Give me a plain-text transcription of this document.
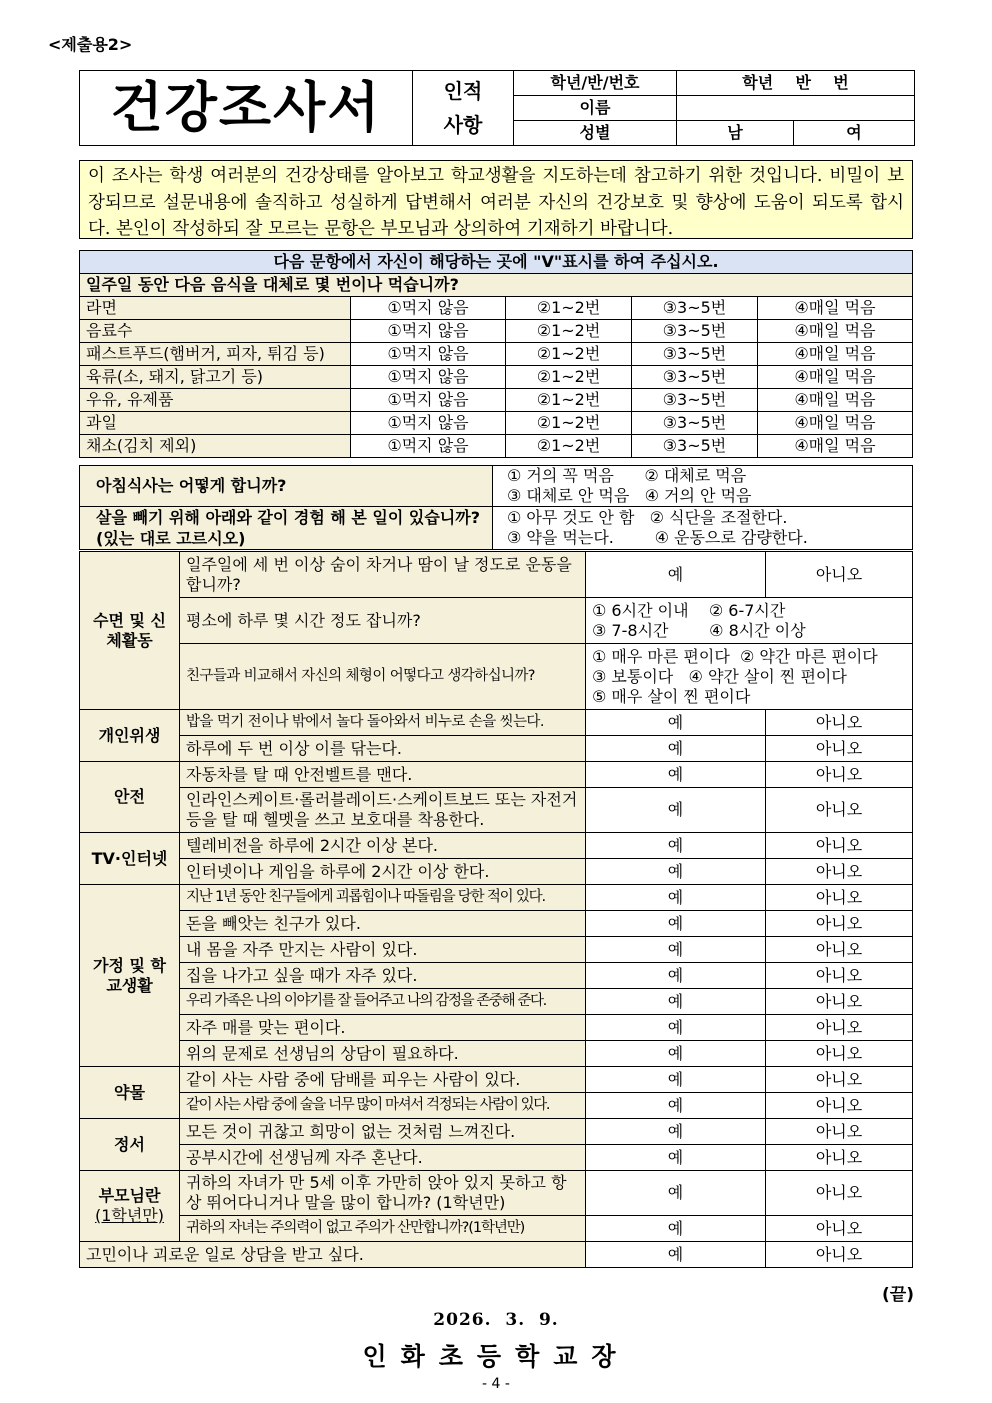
<제출용2>
건강조사서	인적
사항	학년/반/번호	학년    반    번	
		이름		
		성별	남	여
이 조사는 학생 여러분의 건강상태를 알아보고 학교생활을 지도하는데 참고하기 위한 것입니다. 비밀이 보장되므로 설문내용에 솔직하고 성실하게 답변해서 여러분 자신의 건강보호 및 향상에 도움이 되도록 합시다. 본인이 작성하되 잘 모르는 문항은 부모님과 상의하여 기재하기 바랍니다.
다음 문항에서 자신이 해당하는 곳에 "V"표시를 하여 주십시오.				
일주일 동안 다음 음식을 대체로 몇 번이나 먹습니까?				
라면	①먹지 않음	②1~2번	③3~5번	④매일 먹음
음료수	①먹지 않음	②1~2번	③3~5번	④매일 먹음
패스트푸드(햄버거, 피자, 튀김 등)	①먹지 않음	②1~2번	③3~5번	④매일 먹음
육류(소, 돼지, 닭고기 등)	①먹지 않음	②1~2번	③3~5번	④매일 먹음
우유, 유제품	①먹지 않음	②1~2번	③3~5번	④매일 먹음
과일	①먹지 않음	②1~2번	③3~5번	④매일 먹음
채소(김치 제외)	①먹지 않음	②1~2번	③3~5번	④매일 먹음
아침식사는 어떻게 합니까?	① 거의 꼭 먹음      ② 대체로 먹음
③ 대체로 안 먹음   ④ 거의 안 먹음

살을 빼기 위해 아래와 같이 경험 해 본 일이 있습니까? (있는 대로 고르시오)	① 아무 것도 안 함   ② 식단을 조절한다.
③ 약을 먹는다.        ④ 운동으로 감량한다.
수면 및 신체활동	일주일에 세 번 이상 숨이 차거나 땀이 날 정도로 운동을 합니까?	예	아니오
	평소에 하루 몇 시간 정도 잡니까?	① 6시간 이내    ② 6-7시간
③ 7-8시간        ④ 8시간 이상	

	친구들과 비교해서 자신의 체형이 어떻다고 생각하십니까?	① 매우 마른 편이다  ② 약간 마른 편이다
③ 보통이다   ④ 약간 살이 찐 편이다
⑤ 매우 살이 찐 편이다	

개인위생	밥을 먹기 전이나 밖에서 놀다 돌아와서 비누로 손을 씻는다.	예	아니오
	하루에 두 번 이상 이를 닦는다.	예	아니오
안전	자동차를 탈 때 안전벨트를 맨다.	예	아니오
	인라인스케이트·롤러블레이드·스케이트보드 또는 자전거 등을 탈 때 헬멧을 쓰고 보호대를 착용한다.	예	아니오
TV·인터넷	텔레비전을 하루에 2시간 이상 본다.	예	아니오
	인터넷이나 게임을 하루에 2시간 이상 한다.	예	아니오
가정 및 학교생활	지난 1년 동안 친구들에게 괴롭힘이나 따돌림을 당한 적이 있다.	예	아니오
	돈을 빼앗는 친구가 있다.	예	아니오
	내 몸을 자주 만지는 사람이 있다.	예	아니오
	집을 나가고 싶을 때가 자주 있다.	예	아니오
	우리 가족은 나의 이야기를 잘 들어주고 나의 감정을 존중해 준다.	예	아니오
	자주 매를 맞는 편이다.	예	아니오
	위의 문제로 선생님의 상담이 필요하다.	예	아니오
약물	같이 사는 사람 중에 담배를 피우는 사람이 있다.	예	아니오
	같이 사는 사람 중에 술을 너무 많이 마셔서 걱정되는 사람이 있다.	예	아니오
정서	모든 것이 귀찮고 희망이 없는 것처럼 느껴진다.	예	아니오
	공부시간에 선생님께 자주 혼난다.	예	아니오

부모님란
(1학년만)	귀하의 자녀가 만 5세 이후 가만히 앉아 있지 못하고 항상 뛰어다니거나 말을 많이 합니까? (1학년만)	예	아니오
	귀하의 자녀는 주의력이 없고 주의가 산만합니까?(1학년만)	예	아니오
고민이나 괴로운 일로 상담을 받고 싶다.		예	아니오
(끝)
2026.  3.  9.
인화초등학교장
- 4 -
